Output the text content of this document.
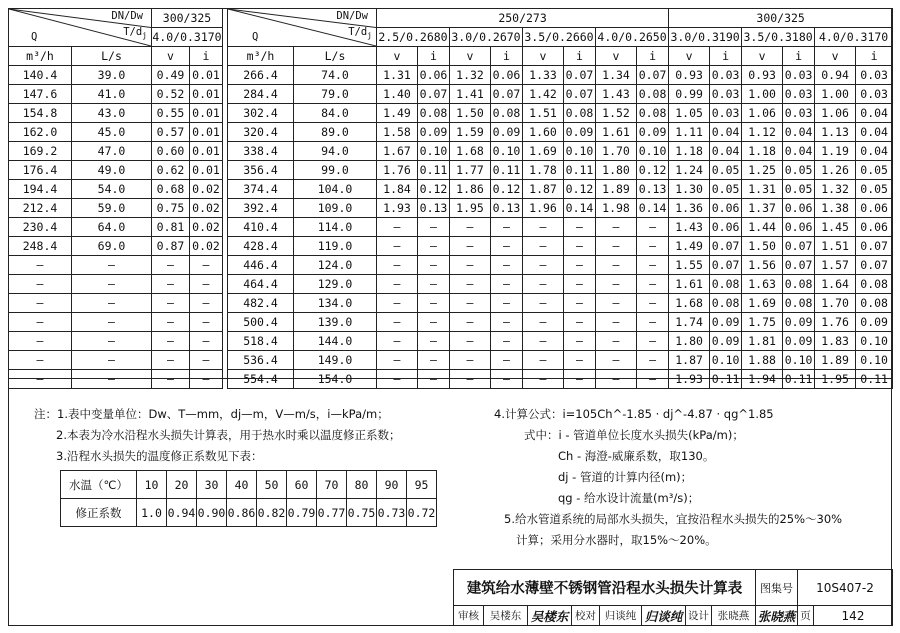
DN/Dw
$T/d_j$
Q		300/325	
		4.0/0.3170	
m³/h	L/s	v	i
140.4	39.0	0.49	0.01
147.6	41.0	0.52	0.01
154.8	43.0	0.55	0.01
162.0	45.0	0.57	0.01
169.2	47.0	0.60	0.01
176.4	49.0	0.62	0.01
194.4	54.0	0.68	0.02
212.4	59.0	0.75	0.02
230.4	64.0	0.81	0.02
248.4	69.0	0.87	0.02
–	–	–	–
–	–	–	–
–	–	–	–
–	–	–	–
–	–	–	–
–	–	–	–
–	–	–	–
DN/Dw
$T/d_j$
Q		250/273								300/325					
		2.5/0.2680		3.0/0.2670		3.5/0.2660		4.0/0.2650		3.0/0.3190		3.5/0.3180		4.0/0.3170	
m³/h	L/s	v	i	v	i	v	i	v	i	v	i	v	i	v	i
266.4	74.0	1.31	0.06	1.32	0.06	1.33	0.07	1.34	0.07	0.93	0.03	0.93	0.03	0.94	0.03
284.4	79.0	1.40	0.07	1.41	0.07	1.42	0.07	1.43	0.08	0.99	0.03	1.00	0.03	1.00	0.03
302.4	84.0	1.49	0.08	1.50	0.08	1.51	0.08	1.52	0.08	1.05	0.03	1.06	0.03	1.06	0.04
320.4	89.0	1.58	0.09	1.59	0.09	1.60	0.09	1.61	0.09	1.11	0.04	1.12	0.04	1.13	0.04
338.4	94.0	1.67	0.10	1.68	0.10	1.69	0.10	1.70	0.10	1.18	0.04	1.18	0.04	1.19	0.04
356.4	99.0	1.76	0.11	1.77	0.11	1.78	0.11	1.80	0.12	1.24	0.05	1.25	0.05	1.26	0.05
374.4	104.0	1.84	0.12	1.86	0.12	1.87	0.12	1.89	0.13	1.30	0.05	1.31	0.05	1.32	0.05
392.4	109.0	1.93	0.13	1.95	0.13	1.96	0.14	1.98	0.14	1.36	0.06	1.37	0.06	1.38	0.06
410.4	114.0	–	–	–	–	–	–	–	–	1.43	0.06	1.44	0.06	1.45	0.06
428.4	119.0	–	–	–	–	–	–	–	–	1.49	0.07	1.50	0.07	1.51	0.07
446.4	124.0	–	–	–	–	–	–	–	–	1.55	0.07	1.56	0.07	1.57	0.07
464.4	129.0	–	–	–	–	–	–	–	–	1.61	0.08	1.63	0.08	1.64	0.08
482.4	134.0	–	–	–	–	–	–	–	–	1.68	0.08	1.69	0.08	1.70	0.08
500.4	139.0	–	–	–	–	–	–	–	–	1.74	0.09	1.75	0.09	1.76	0.09
518.4	144.0	–	–	–	–	–	–	–	–	1.80	0.09	1.81	0.09	1.83	0.10
536.4	149.0	–	–	–	–	–	–	–	–	1.87	0.10	1.88	0.10	1.89	0.10
554.4	154.0	–	–	–	–	–	–	–	–	1.93	0.11	1.94	0.11	1.95	0.11
注：1.表中变量单位：Dw、T—mm，dj—m，V—m/s，i—kPa/m；
2.本表为冷水沿程水头损失计算表，用于热水时乘以温度修正系数；
3.沿程水头损失的温度修正系数见下表：
水温（℃）	10	20	30	40	50	60	70	80	90	95
修正系数	1.0	0.94	0.90	0.86	0.82	0.79	0.77	0.75	0.73	0.72
4.计算公式：i=105Ch^-1.85 · dj^-4.87 · qg^1.85
式中：i - 管道单位长度水头损失(kPa/m)；
Ch - 海澄-威廉系数，取130。
dj - 管道的计算内径(m)；
qg - 给水设计流量(m³/s)；
5.给水管道系统的局部水头损失，宜按沿程水头损失的25%～30%
计算；采用分水器时，取15%～20%。
建筑给水薄壁不锈钢管沿程水头损失计算表								图集号	10S407-2	
审核	吴楼东	吴楼东	校对	归谈纯	归谈纯	设计	张晓燕	张晓燕	页	142
